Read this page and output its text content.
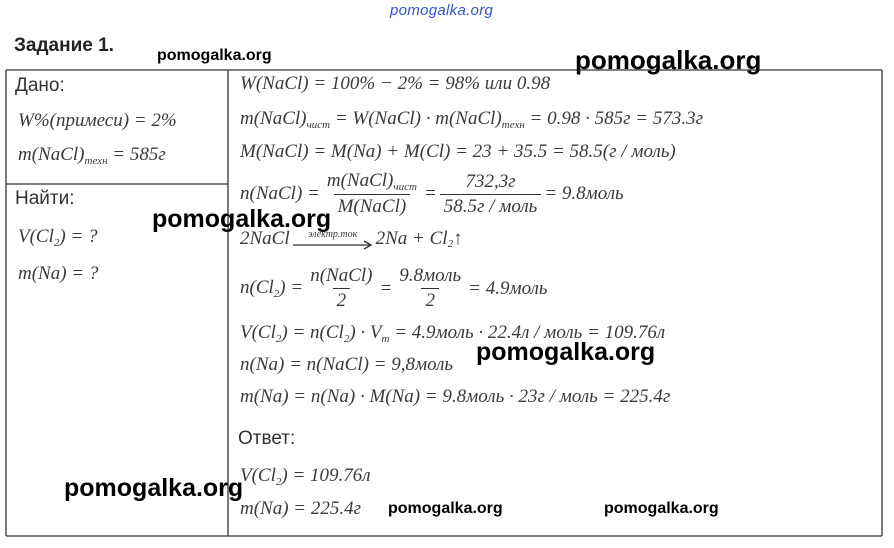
pomogalka.org
Задание 1.	pomogalka.org	pomogalka.org
pomogalka.org
pomogalka.org
pomogalka.org
pomogalka.org	pomogalka.org
Дано:
W%(примеси) = 2%
$m(NaCl)_{техн} = 585г$
Найти:
$V(Cl_2)$ = ?
m(Na) = ?
W(NaCl) = 100% − 2% = 98% или 0.98
$m(NaCl)_{чист}$ = W(NaCl) · $m(NaCl)_{техн} = 0.98 \cdot 585г = 573.3г$
M(NaCl) = M(Na) + M(Cl) = 23 + 35.5 = 58.5(г / моль)
n(NaCl) = $\frac{m(NaCl)_{чист}}{\text{M(NaCl)}} = \frac{732,3г}{\text{58.5г / моль}}$ = 9.8моль
2NaCl электр.ток $2Na + Cl_2$ ↑
$n(Cl_2) = \frac{\text{n(NaCl)}}{2} = \frac{\text{9.8моль}}{2}$ = 4.9моль
$V(Cl_2) = n(Cl_2) \cdot V_m$ = 4.9моль · 22.4л / моль = 109.76л
n(Na) = n(NaCl) = 9,8моль
m(Na) = n(Na) · M(Na) = 9.8моль · 23г / моль = 225.4г
Ответ:
$V(Cl_2) = 109.76л$
m(Na) = 225.4г
